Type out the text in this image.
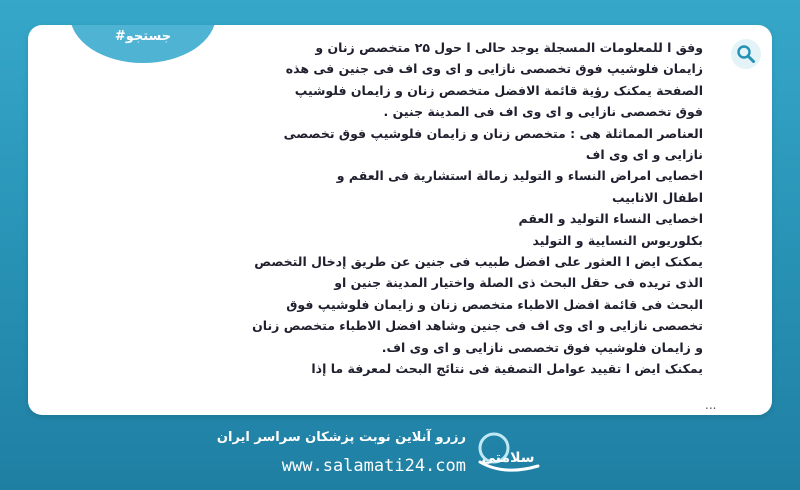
#جستجو
وفق ا للمعلومات المسجلة يوجد حالی ا حول ۲۵ متخصص زنان و
زایمان فلوشیپ فوق تخصصی نازایی و ای وی اف فی جنین فی هذه
الصفحة یمکنک رؤیة قائمة الافضل متخصص زنان و زایمان فلوشیپ
فوق تخصصی نازایی و ای وی اف فی المدینة جنین .
العناصر المماثلة هی : متخصص زنان و زایمان فلوشیپ فوق تخصصی
نازایی و ای وی اف
اخصایی امراض النساء و التولید زمالة استشاریة فی العقم و
اطفال الانابیب
اخصایی النساء التولید و العقم
بکلوریوس النسایية و التولید
یمکنک ایض ا العثور علی افضل طبیب فی جنین عن طریق إدخال التخصص
الذی تریده فی حقل البحث ذی الصلة واختیار المدینة جنین او
البحث فی قائمة افضل الاطباء متخصص زنان و زایمان فلوشیپ فوق
تخصصی نازایی و ای وی اف فی جنین وشاهد افضل الاطباء متخصص زنان
و زایمان فلوشیپ فوق تخصصی نازایی و ای وی اف.
یمکنک ایض ا تقیید عوامل التصفیة فی نتائج البحث لمعرفة ما إذا
...
سلامتی
رزرو آنلاین نوبت پزشکان سراسر ایران
www.salamati24.com
